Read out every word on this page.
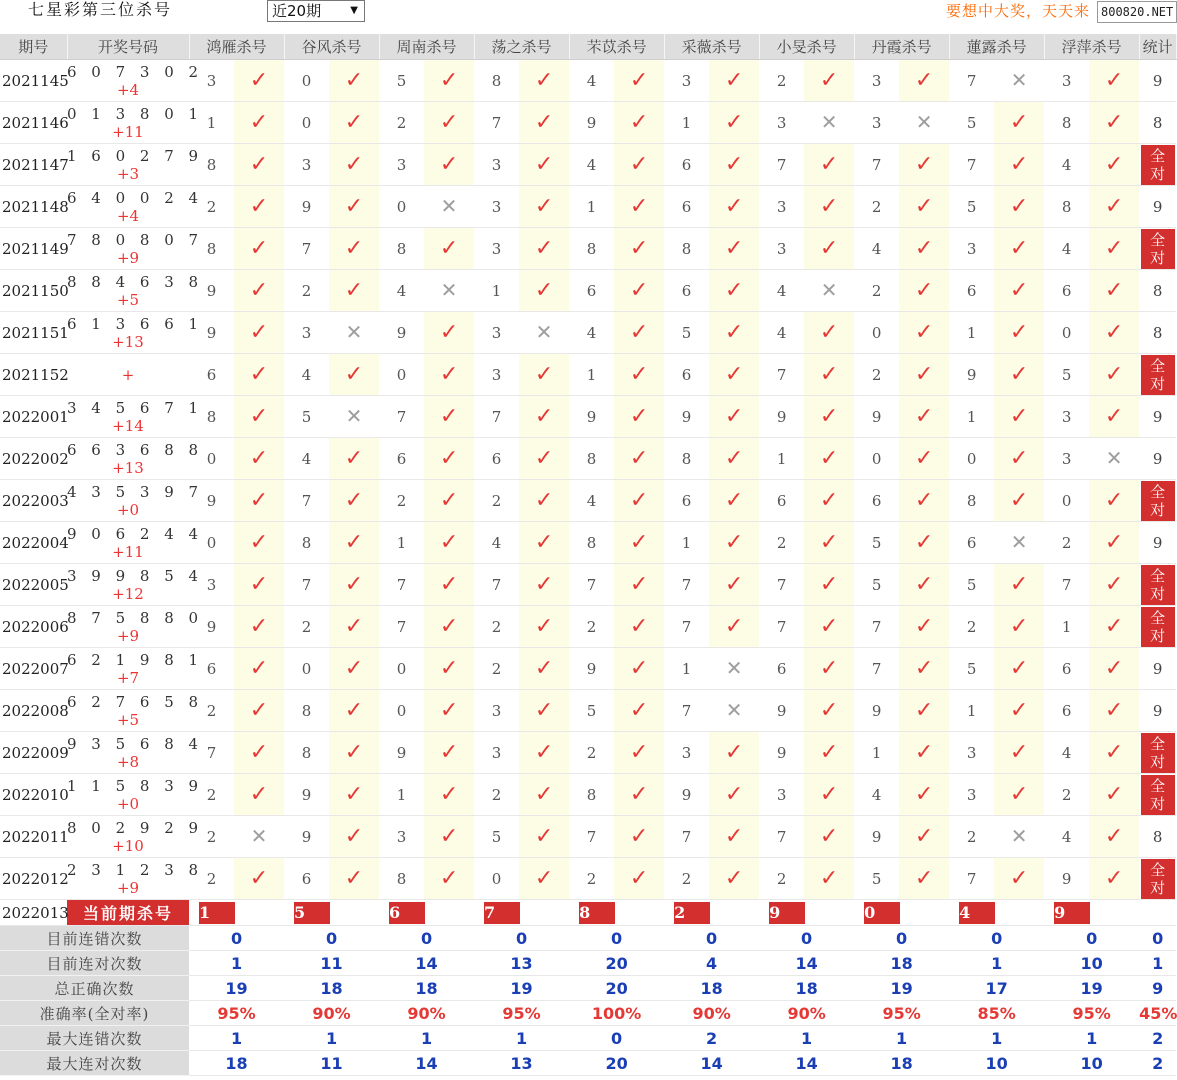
七星彩第三位杀号	近20期	▼	要想中大奖，天天来 800820.NET
期号	开奖号码	鸿雁杀号		谷风杀号		周南杀号		荡之杀号		芣苡杀号		采薇杀号		小旻杀号		丹霞杀号		蓮露杀号		浮萍杀号		统计
2021145	6 0 7 3 0 2
+4	3	✓	0	✓	5	✓	8	✓	4	✓	3	✓	2	✓	3	✓	7	✕	3	✓	9
2021146	0 1 3 8 0 1
+11	1	✓	0	✓	2	✓	7	✓	9	✓	1	✓	3	✕	3	✕	5	✓	8	✓	8
2021147	1 6 0 2 7 9
+3	8	✓	3	✓	3	✓	3	✓	4	✓	6	✓	7	✓	7	✓	7	✓	4	✓	全
对
2021148	6 4 0 0 2 4
+4	2	✓	9	✓	0	✕	3	✓	1	✓	6	✓	3	✓	2	✓	5	✓	8	✓	9
2021149	7 8 0 8 0 7
+9	8	✓	7	✓	8	✓	3	✓	8	✓	8	✓	3	✓	4	✓	3	✓	4	✓	全
对
2021150	8 8 4 6 3 8
+5	9	✓	2	✓	4	✕	1	✓	6	✓	6	✓	4	✕	2	✓	6	✓	6	✓	8
2021151	6 1 3 6 6 1
+13	9	✓	3	✕	9	✓	3	✕	4	✓	5	✓	4	✓	0	✓	1	✓	0	✓	8
2021152	+	6	✓	4	✓	0	✓	3	✓	1	✓	6	✓	7	✓	2	✓	9	✓	5	✓	全
对
2022001	3 4 5 6 7 1
+14	8	✓	5	✕	7	✓	7	✓	9	✓	9	✓	9	✓	9	✓	1	✓	3	✓	9
2022002	6 6 3 6 8 8
+13	0	✓	4	✓	6	✓	6	✓	8	✓	8	✓	1	✓	0	✓	0	✓	3	✕	9
2022003	4 3 5 3 9 7
+0	9	✓	7	✓	2	✓	2	✓	4	✓	6	✓	6	✓	6	✓	8	✓	0	✓	全
对
2022004	9 0 6 2 4 4
+11	0	✓	8	✓	1	✓	4	✓	8	✓	1	✓	2	✓	5	✓	6	✕	2	✓	9
2022005	3 9 9 8 5 4
+12	3	✓	7	✓	7	✓	7	✓	7	✓	7	✓	7	✓	5	✓	5	✓	7	✓	全
对
2022006	8 7 5 8 8 0
+9	9	✓	2	✓	7	✓	2	✓	2	✓	7	✓	7	✓	7	✓	2	✓	1	✓	全
对
2022007	6 2 1 9 8 1
+7	6	✓	0	✓	0	✓	2	✓	9	✓	1	✕	6	✓	7	✓	5	✓	6	✓	9
2022008	6 2 7 6 5 8
+5	2	✓	8	✓	0	✓	3	✓	5	✓	7	✕	9	✓	9	✓	1	✓	6	✓	9
2022009	9 3 5 6 8 4
+8	7	✓	8	✓	9	✓	3	✓	2	✓	3	✓	9	✓	1	✓	3	✓	4	✓	全
对
2022010	1 1 5 8 3 9
+0	2	✓	9	✓	1	✓	2	✓	8	✓	9	✓	3	✓	4	✓	3	✓	2	✓	全
对
2022011	8 0 2 9 2 9
+10	2	✕	9	✓	3	✓	5	✓	7	✓	7	✓	7	✓	9	✓	2	✕	4	✓	8
2022012	2 3 1 2 3 8
+9	2	✓	6	✓	8	✓	0	✓	2	✓	2	✓	2	✓	5	✓	7	✓	9	✓	全
对
2022013	当前期杀号	1		5		6		7		8		2		9		0		4		9		

目前连错次数		0		0		0		0		0		0		0		0		0		0		0
目前连对次数		1		11		14		13		20		4		14		18		1		10		1
总正确次数		19		18		18		19		20		18		18		19		17		19		9
准确率(全对率)		95%		90%		90%		95%		100%		90%		90%		95%		85%		95%		45%
最大连错次数		1		1		1		1		0		2		1		1		1		1		2
最大连对次数		18		11		14		13		20		14		14		18		10		10		2
